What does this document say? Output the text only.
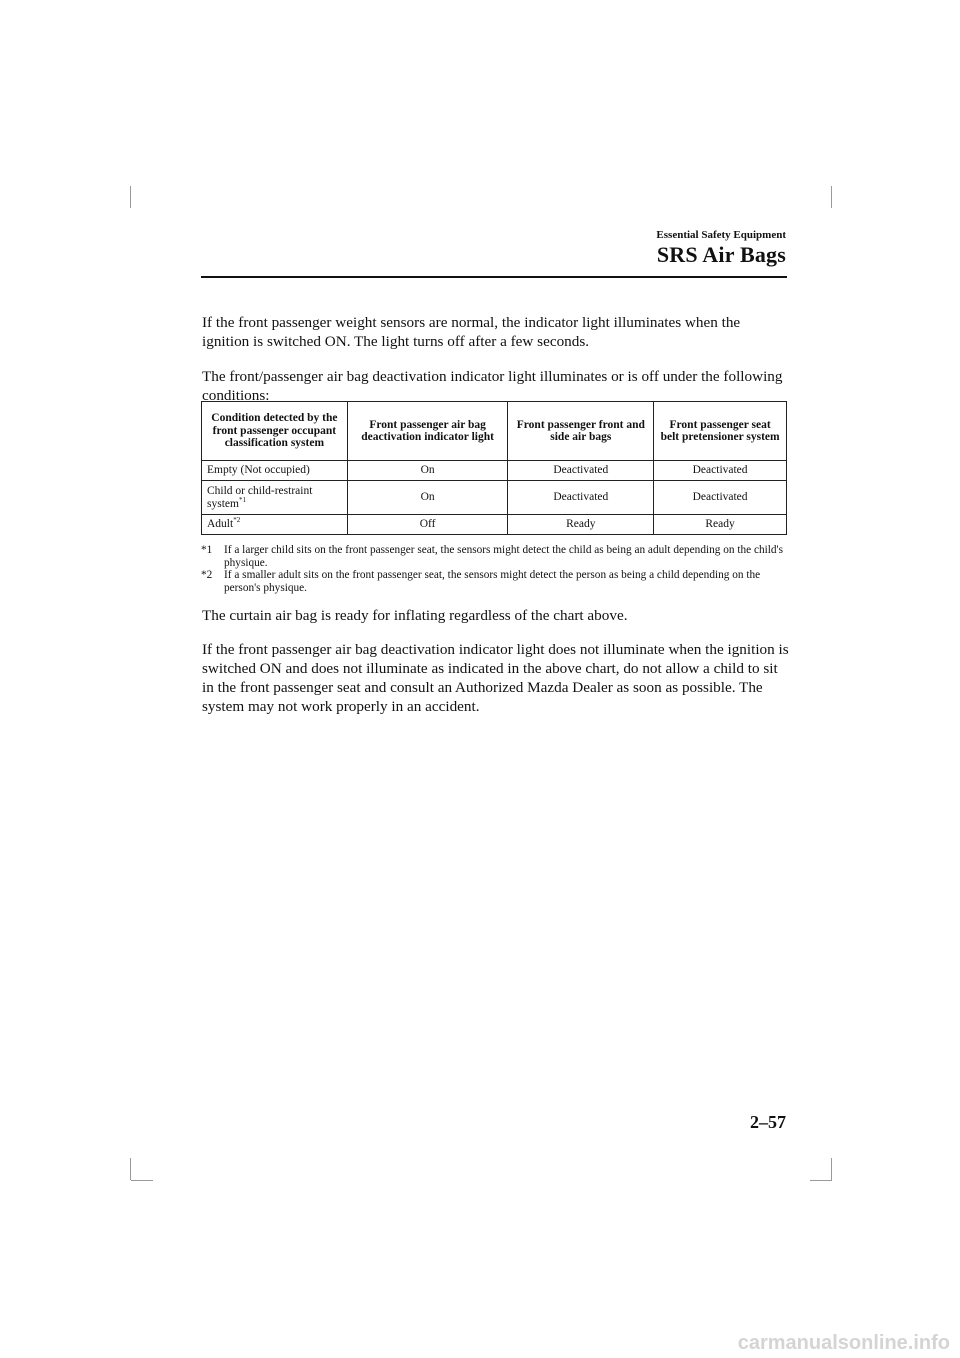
Essential Safety Equipment
SRS Air Bags
If the front passenger weight sensors are normal, the indicator light illuminates when the ignition is switched ON. The light turns off after a few seconds.
The front/passenger air bag deactivation indicator light illuminates or is off under the following conditions:
Condition detected by the front passenger occupant classification system	Front passenger air bag deactivation indicator light	Front passenger front and side air bags	Front passenger seat belt pretensioner system
Empty (Not occupied)	On	Deactivated	Deactivated
Child or child-restraint system$^{*1}$	On	Deactivated	Deactivated
Adult$^{*2}$	Off	Ready	Ready
*1 If a larger child sits on the front passenger seat, the sensors might detect the child as being an adult depending on the child's physique.
*2 If a smaller adult sits on the front passenger seat, the sensors might detect the person as being a child depending on the person's physique.
The curtain air bag is ready for inflating regardless of the chart above.
If the front passenger air bag deactivation indicator light does not illuminate when the ignition is switched ON and does not illuminate as indicated in the above chart, do not allow a child to sit in the front passenger seat and consult an Authorized Mazda Dealer as soon as possible. The system may not work properly in an accident.
2–57
carmanualsonline.info
